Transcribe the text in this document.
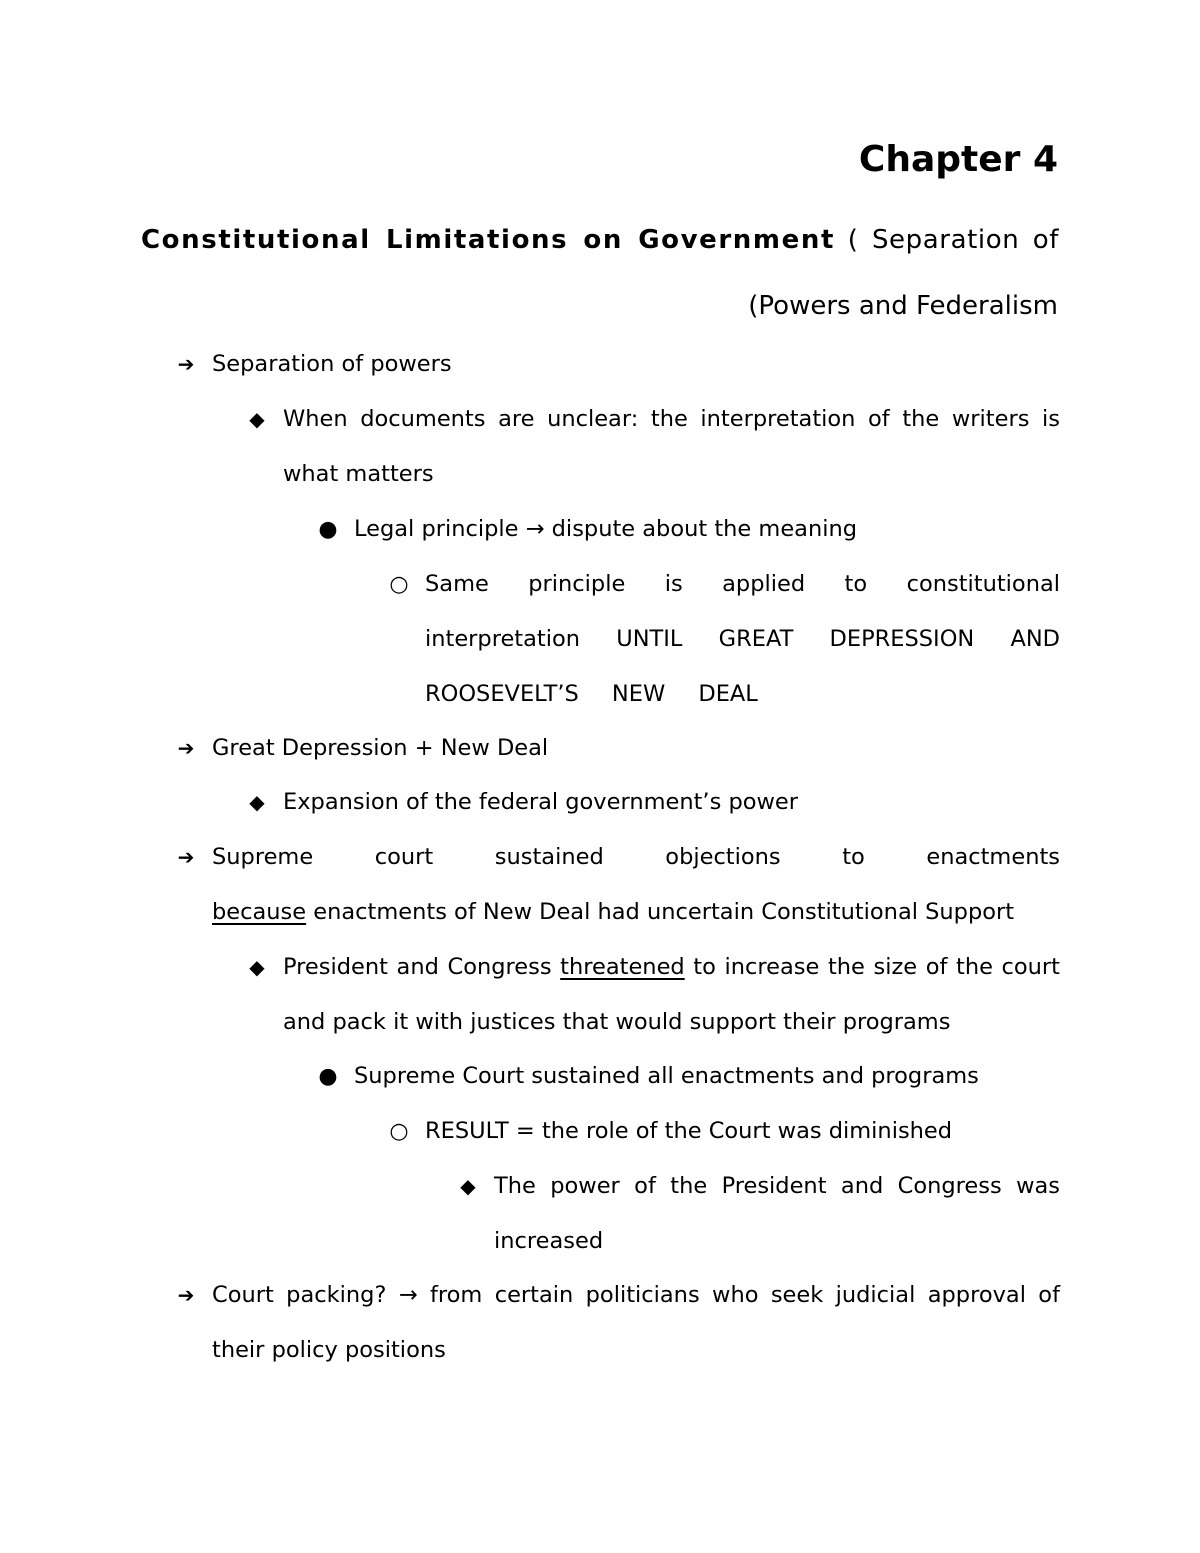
Chapter 4
Constitutional Limitations on Government ( Separation of
(Powers and Federalism
➔ Separation of powers
◆ When documents are unclear: the interpretation of the writers is what matters
● Legal principle → dispute about the meaning
○ Same principle is applied to constitutional interpretation UNTIL GREAT DEPRESSION AND ROOSEVELT’S NEW DEAL
➔ Great Depression + New Deal
◆ Expansion of the federal government’s power
➔ Supreme court sustained objections to enactments because enactments of New Deal had uncertain Constitutional Support
◆ President and Congress threatened to increase the size of the court and pack it with justices that would support their programs
● Supreme Court sustained all enactments and programs
○ RESULT = the role of the Court was diminished
◆ The power of the President and Congress was increased
➔ Court packing? → from certain politicians who seek judicial approval of their policy positions
